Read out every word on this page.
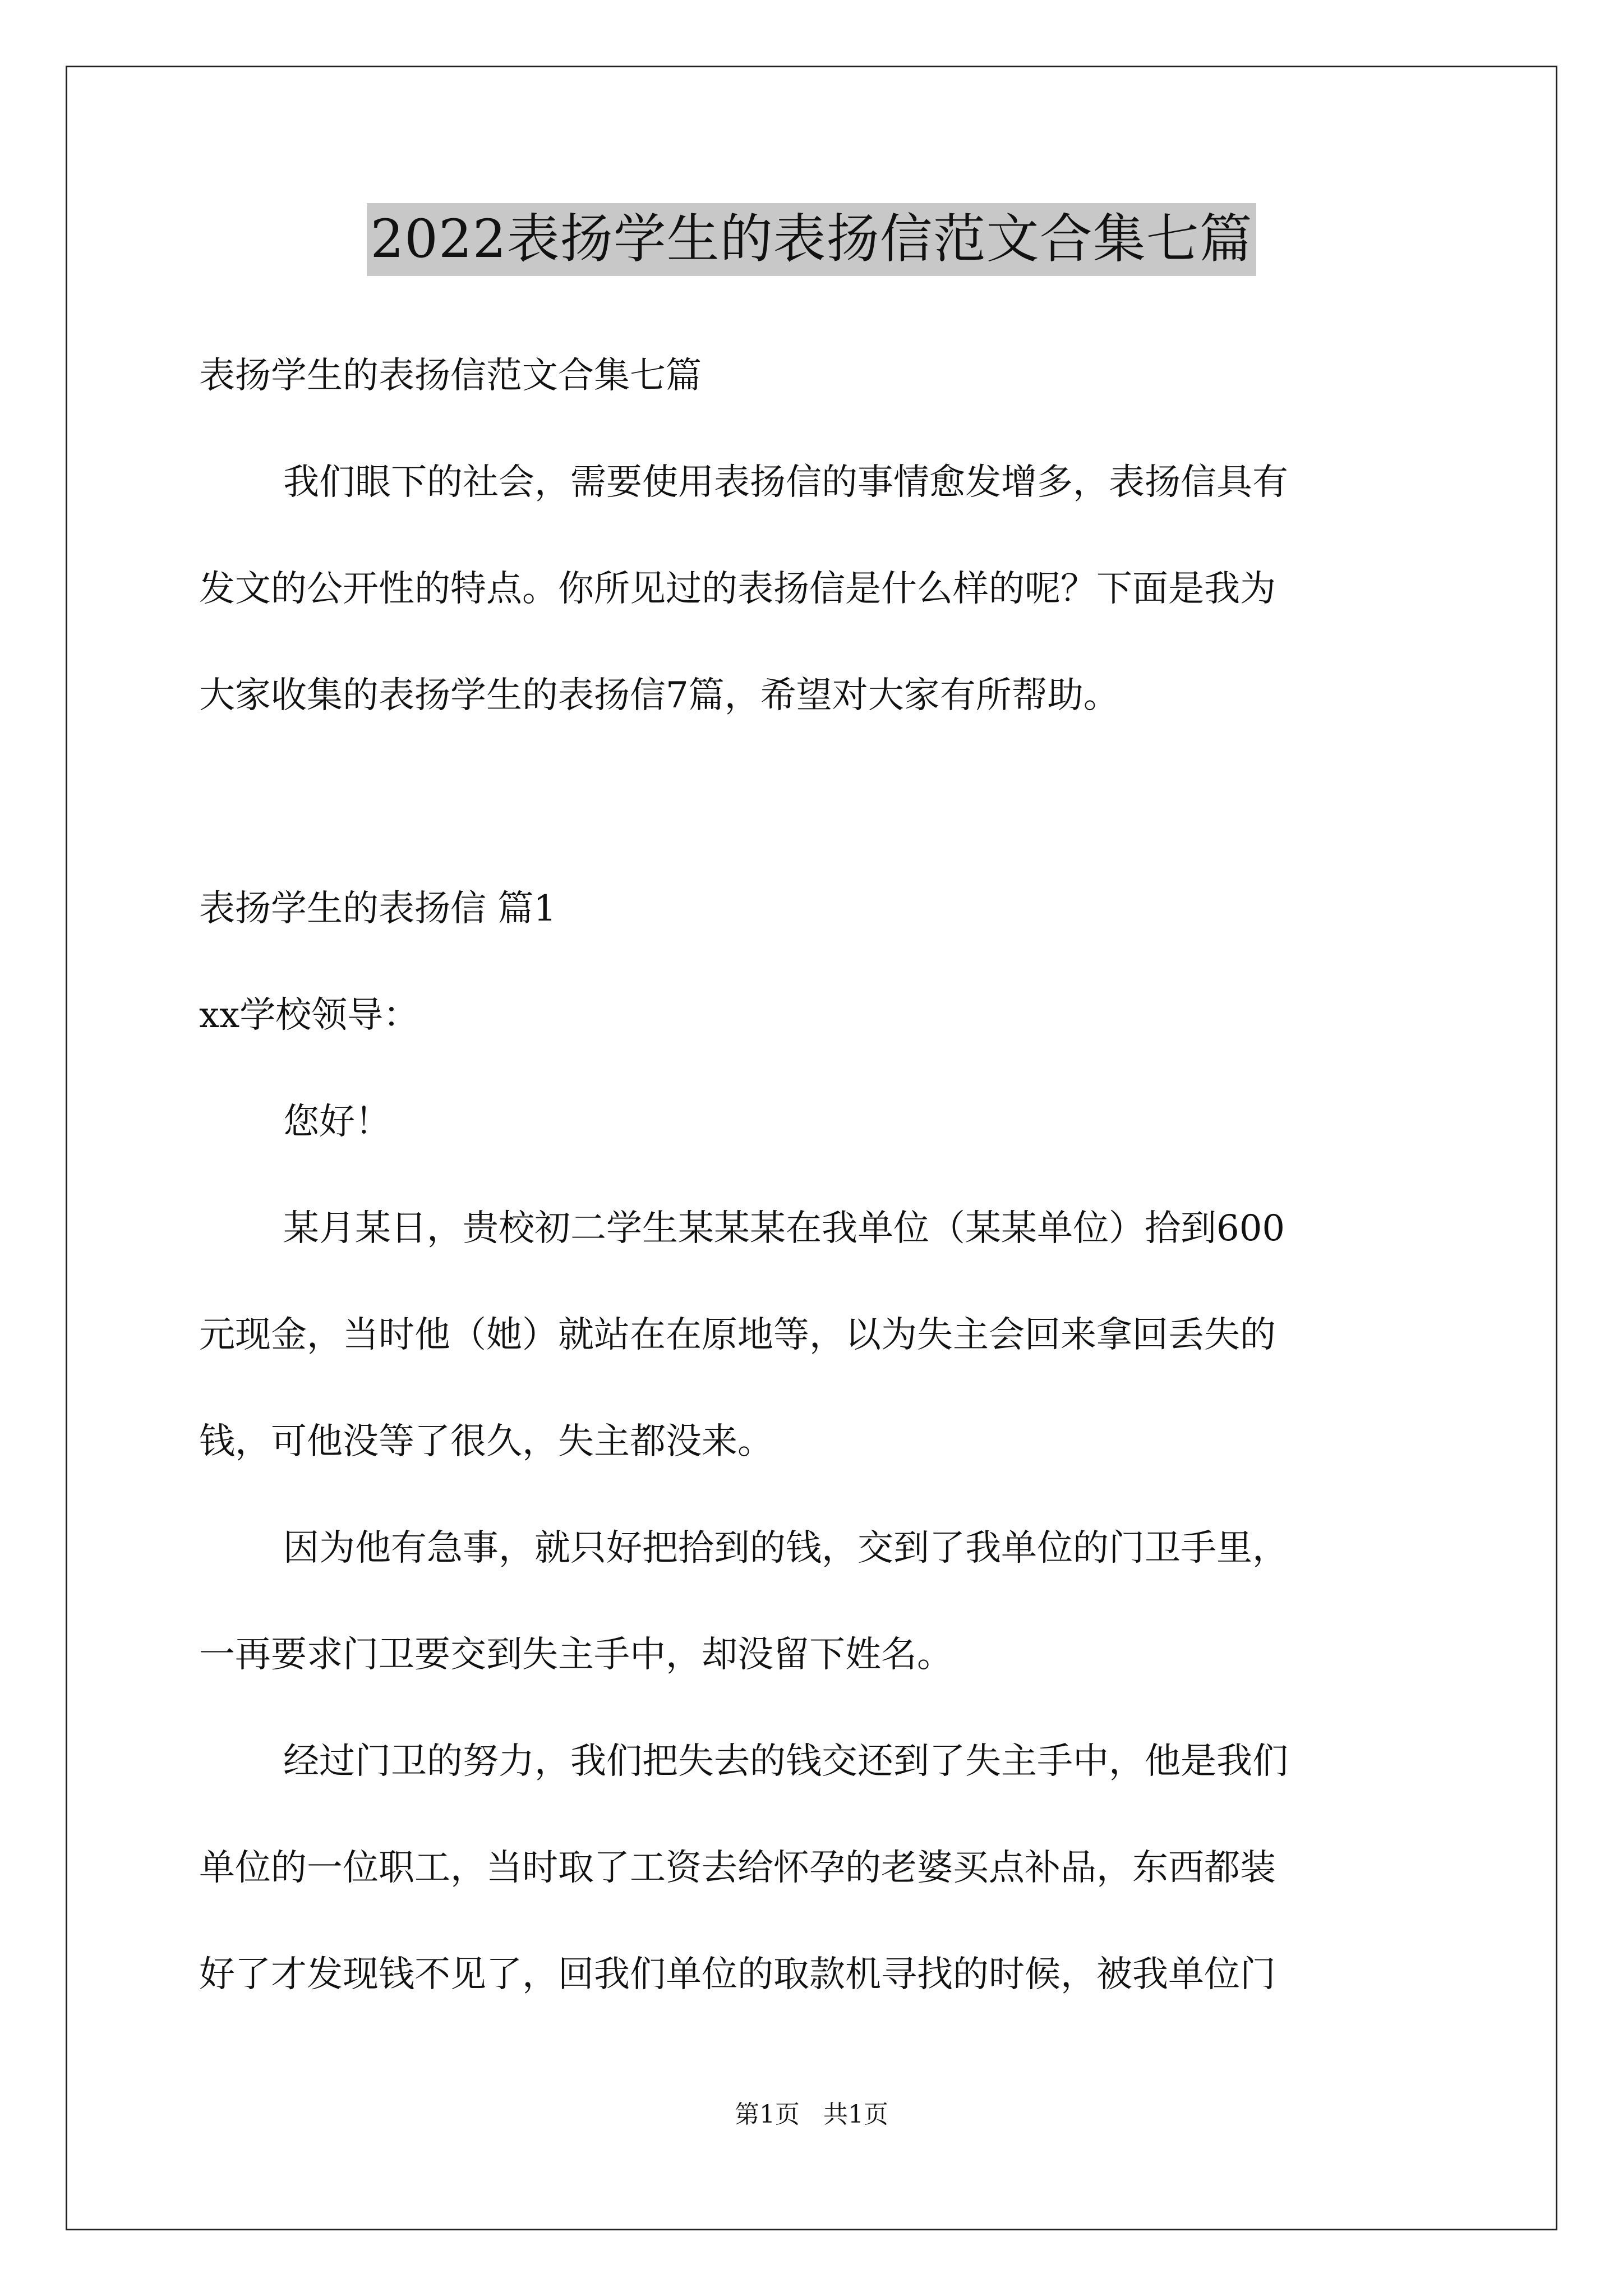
2022表扬学生的表扬信范文合集七篇
表扬学生的表扬信范文合集七篇
我们眼下的社会，需要使用表扬信的事情愈发增多，表扬信具有
发文的公开性的特点。你所见过的表扬信是什么样的呢？下面是我为
大家收集的表扬学生的表扬信7篇，希望对大家有所帮助。
表扬学生的表扬信 篇1
xx学校领导：
您好！
某月某日，贵校初二学生某某某在我单位（某某单位）拾到600
元现金，当时他（她）就站在在原地等，以为失主会回来拿回丢失的
钱，可他没等了很久，失主都没来。
因为他有急事，就只好把拾到的钱，交到了我单位的门卫手里，
一再要求门卫要交到失主手中，却没留下姓名。
经过门卫的努力，我们把失去的钱交还到了失主手中，他是我们
单位的一位职工，当时取了工资去给怀孕的老婆买点补品，东西都装
好了才发现钱不见了，回我们单位的取款机寻找的时候，被我单位门
第1页   共1页
